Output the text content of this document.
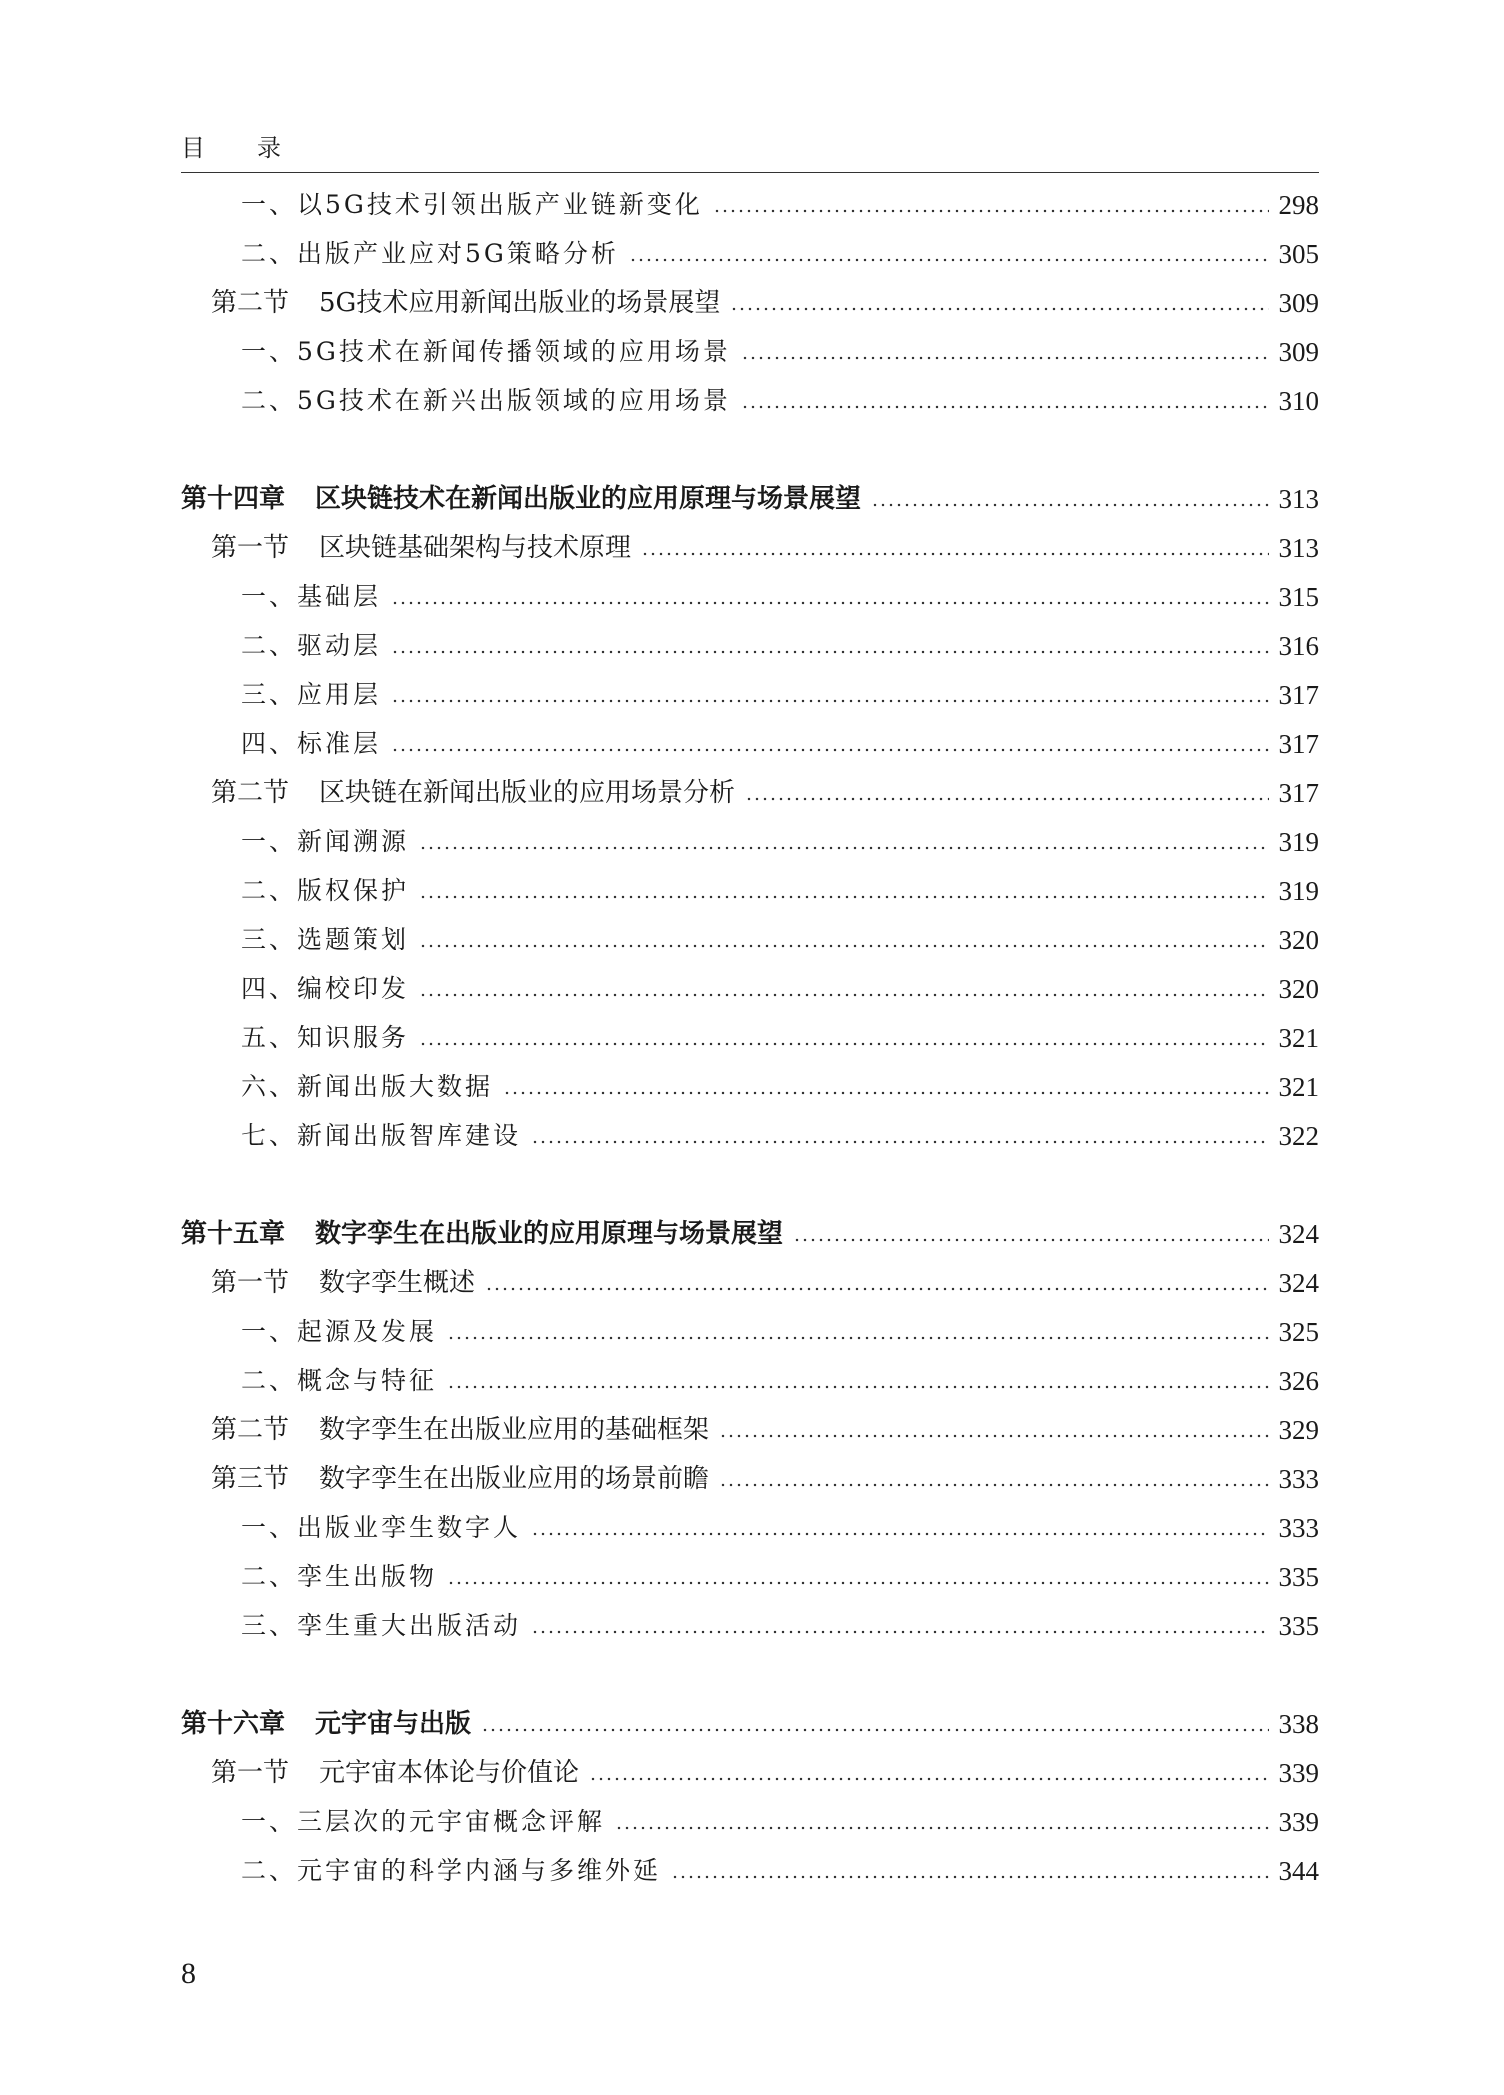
目 录
一、以5G技术引领出版产业链新变化	298
二、出版产业应对5G策略分析	305
第二节 5G技术应用新闻出版业的场景展望	309
一、5G技术在新闻传播领域的应用场景	309
二、5G技术在新兴出版领域的应用场景	310
第十四章 区块链技术在新闻出版业的应用原理与场景展望	313
第一节 区块链基础架构与技术原理	313
一、基础层	315
二、驱动层	316
三、应用层	317
四、标准层	317
第二节 区块链在新闻出版业的应用场景分析	317
一、新闻溯源	319
二、版权保护	319
三、选题策划	320
四、编校印发	320
五、知识服务	321
六、新闻出版大数据	321
七、新闻出版智库建设	322
第十五章 数字孪生在出版业的应用原理与场景展望	324
第一节 数字孪生概述	324
一、起源及发展	325
二、概念与特征	326
第二节 数字孪生在出版业应用的基础框架	329
第三节 数字孪生在出版业应用的场景前瞻	333
一、出版业孪生数字人	333
二、孪生出版物	335
三、孪生重大出版活动	335
第十六章 元宇宙与出版	338
第一节 元宇宙本体论与价值论	339
一、三层次的元宇宙概念评解	339
二、元宇宙的科学内涵与多维外延	344
8
